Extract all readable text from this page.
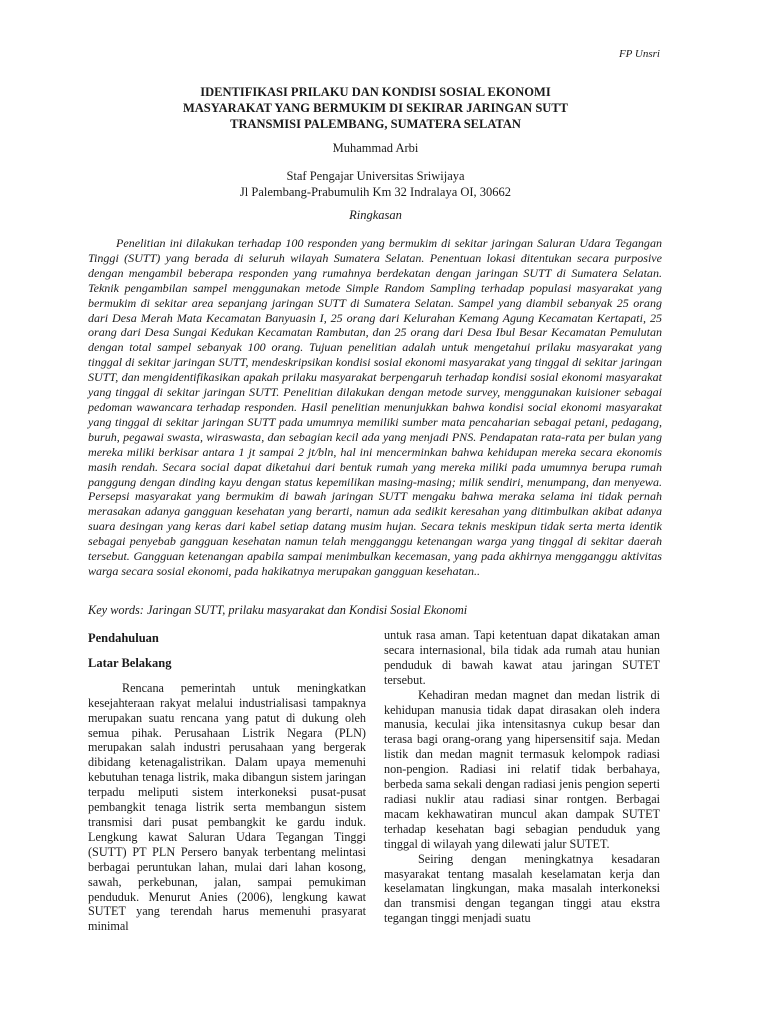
FP Unsri
IDENTIFIKASI PRILAKU DAN KONDISI SOSIAL EKONOMI
MASYARAKAT YANG BERMUKIM DI SEKIRAR JARINGAN SUTT
TRANSMISI PALEMBANG, SUMATERA SELATAN
Muhammad Arbi
Staf Pengajar Universitas Sriwijaya
Jl Palembang-Prabumulih Km 32 Indralaya OI, 30662
Ringkasan

Penelitian ini dilakukan terhadap 100 responden yang bermukim di sekitar jaringan Saluran Udara Tegangan Tinggi (SUTT) yang berada di seluruh wilayah Sumatera Selatan. Penentuan lokasi ditentukan secara purposive dengan mengambil beberapa responden yang rumahnya berdekatan dengan jaringan SUTT di Sumatera Selatan. Teknik pengambilan sampel menggunakan metode Simple Random Sampling terhadap populasi masyarakat yang bermukim di sekitar area sepanjang jaringan SUTT di Sumatera Selatan. Sampel yang diambil sebanyak 25 orang dari Desa Merah Mata Kecamatan Banyuasin I, 25 orang dari Kelurahan Kemang Agung Kecamatan Kertapati, 25 orang dari Desa Sungai Kedukan Kecamatan Rambutan, dan 25 orang dari Desa Ibul Besar Kecamatan Pemulutan dengan total sampel sebanyak 100 orang. Tujuan penelitian adalah untuk mengetahui prilaku masyarakat yang tinggal di sekitar jaringan SUTT, mendeskripsikan kondisi sosial ekonomi masyarakat yang tinggal di sekitar jaringan SUTT, dan mengidentifikasikan apakah prilaku masyarakat berpengaruh terhadap kondisi sosial ekonomi masyarakat yang tinggal di sekitar jaringan SUTT. Penelitian dilakukan dengan metode survey, menggunakan kuisioner sebagai pedoman wawancara terhadap responden. Hasil penelitian menunjukkan bahwa kondisi social ekonomi masyarakat yang tinggal di sekitar jaringan SUTT pada umumnya memiliki sumber mata pencaharian sebagai petani, pedagang, buruh, pegawai swasta, wiraswasta, dan sebagian kecil ada yang menjadi PNS. Pendapatan rata-rata per bulan yang mereka miliki berkisar antara 1 jt sampai 2 jt/bln, hal ini mencerminkan bahwa kehidupan mereka secara ekonomis masih rendah. Secara social dapat diketahui dari bentuk rumah yang mereka miliki pada umumnya berupa rumah panggung dengan dinding kayu dengan status kepemilikan masing-masing; milik sendiri, menumpang, dan menyewa. Persepsi masyarakat yang bermukim di bawah jaringan SUTT mengaku bahwa meraka selama ini tidak pernah merasakan adanya gangguan kesehatan yang berarti, namun ada sedikit keresahan yang ditimbulkan akibat adanya suara desingan yang keras dari kabel setiap datang musim hujan. Secara teknis meskipun tidak serta merta identik sebagai penyebab gangguan kesehatan namun telah mengganggu ketenangan warga yang tinggal di sekitar daerah tersebut. Gangguan ketenangan apabila sampai menimbulkan kecemasan, yang pada akhirnya mengganggu aktivitas warga secara sosial ekonomi, pada hakikatnya merupakan gangguan kesehatan..

Key words: Jaringan SUTT, prilaku masyarakat dan Kondisi Sosial Ekonomi
Pendahuluan
Latar Belakang

Rencana pemerintah untuk meningkatkan kesejahteraan rakyat melalui industrialisasi tampaknya merupakan suatu rencana yang patut di dukung oleh semua pihak. Perusahaan Listrik Negara (PLN) merupakan salah industri perusahaan yang bergerak dibidang ketenagalistrikan. Dalam upaya memenuhi kebutuhan tenaga listrik, maka dibangun sistem jaringan terpadu meliputi sistem interkoneksi pusat-pusat pembangkit tenaga listrik serta membangun sistem transmisi dari pusat pembangkit ke gardu induk. Lengkung kawat Saluran Udara Tegangan Tinggi (SUTT) PT PLN Persero banyak terbentang melintasi berbagai peruntukan lahan, mulai dari lahan kosong, sawah, perkebunan, jalan, sampai pemukiman penduduk. Menurut Anies (2006), lengkung kawat SUTET yang terendah harus memenuhi prasyarat minimal

untuk rasa aman. Tapi ketentuan dapat dikatakan aman secara internasional, bila tidak ada rumah atau hunian penduduk di bawah kawat atau jaringan SUTET tersebut.

Kehadiran medan magnet dan medan listrik di kehidupan manusia tidak dapat dirasakan oleh indera manusia, keculai jika intensitasnya cukup besar dan terasa bagi orang-orang yang hipersensitif saja. Medan listik dan medan magnit termasuk kelompok radiasi non-pengion. Radiasi ini relatif tidak berbahaya, berbeda sama sekali dengan radiasi jenis pengion seperti radiasi nuklir atau radiasi sinar rontgen. Berbagai macam kekhawatiran muncul akan dampak SUTET terhadap kesehatan bagi sebagian penduduk yang tinggal di wilayah yang dilewati jalur SUTET.

Seiring dengan meningkatnya kesadaran masyarakat tentang masalah keselamatan kerja dan keselamatan lingkungan, maka masalah interkoneksi dan transmisi dengan tegangan tinggi atau ekstra tegangan tinggi menjadi suatu
